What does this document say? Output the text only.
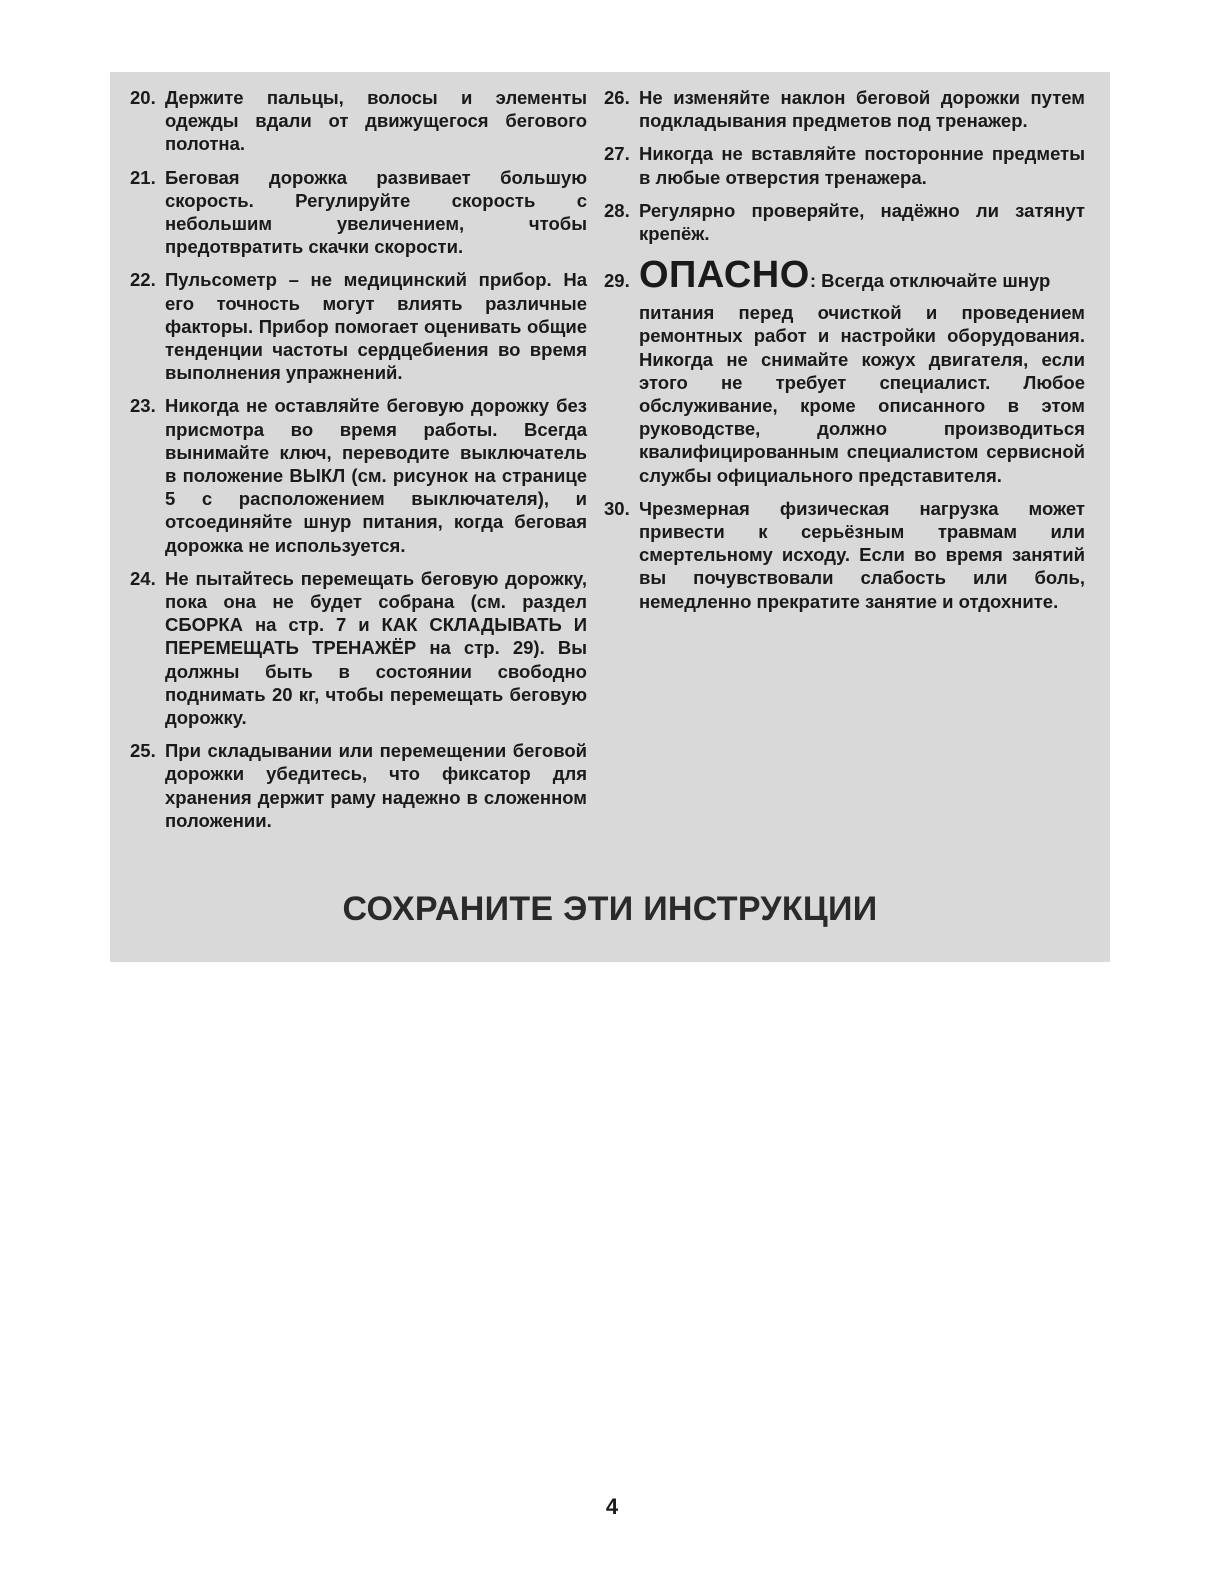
20. Держите пальцы, волосы и элементы одежды вдали от движущегося бегового полотна.
21. Беговая дорожка развивает большую скорость. Регулируйте скорость с небольшим увеличением, чтобы предотвратить скачки скорости.
22. Пульсометр – не медицинский прибор. На его точность могут влиять различные факторы. Прибор помогает оценивать общие тенденции частоты сердцебиения во время выполнения упражнений.
23. Никогда не оставляйте беговую дорожку без присмотра во время работы. Всегда вынимайте ключ, переводите выключатель в положение ВЫКЛ (см. рисунок на странице 5 с расположением выключателя), и отсоединяйте шнур питания, когда беговая дорожка не используется.
24. Не пытайтесь перемещать беговую дорожку, пока она не будет собрана (см. раздел СБОРКА на стр. 7 и КАК СКЛАДЫВАТЬ И ПЕРЕМЕЩАТЬ ТРЕНАЖЁР на стр. 29). Вы должны быть в состоянии свободно поднимать 20 кг, чтобы перемещать беговую дорожку.
25. При складывании или перемещении беговой дорожки убедитесь, что фиксатор для хранения держит раму надежно в сложенном положении.
26. Не изменяйте наклон беговой дорожки путем подкладывания предметов под тренажер.
27. Никогда не вставляйте посторонние предметы в любые отверстия тренажера.
28. Регулярно проверяйте, надёжно ли затянут крепёж.
29. ОПАСНО: Всегда отключайте шнур
питания перед очисткой и проведением ремонтных работ и настройки оборудования. Никогда не снимайте кожух двигателя, если этого не требует специалист. Любое обслуживание, кроме описанного в этом руководстве, должно производиться квалифицированным специалистом сервисной службы официального представителя.
30. Чрезмерная физическая нагрузка может привести к серьёзным травмам или смертельному исходу. Если во время занятий вы почувствовали слабость или боль, немедленно прекратите занятие и отдохните.
СОХРАНИТЕ ЭТИ ИНСТРУКЦИИ
4
